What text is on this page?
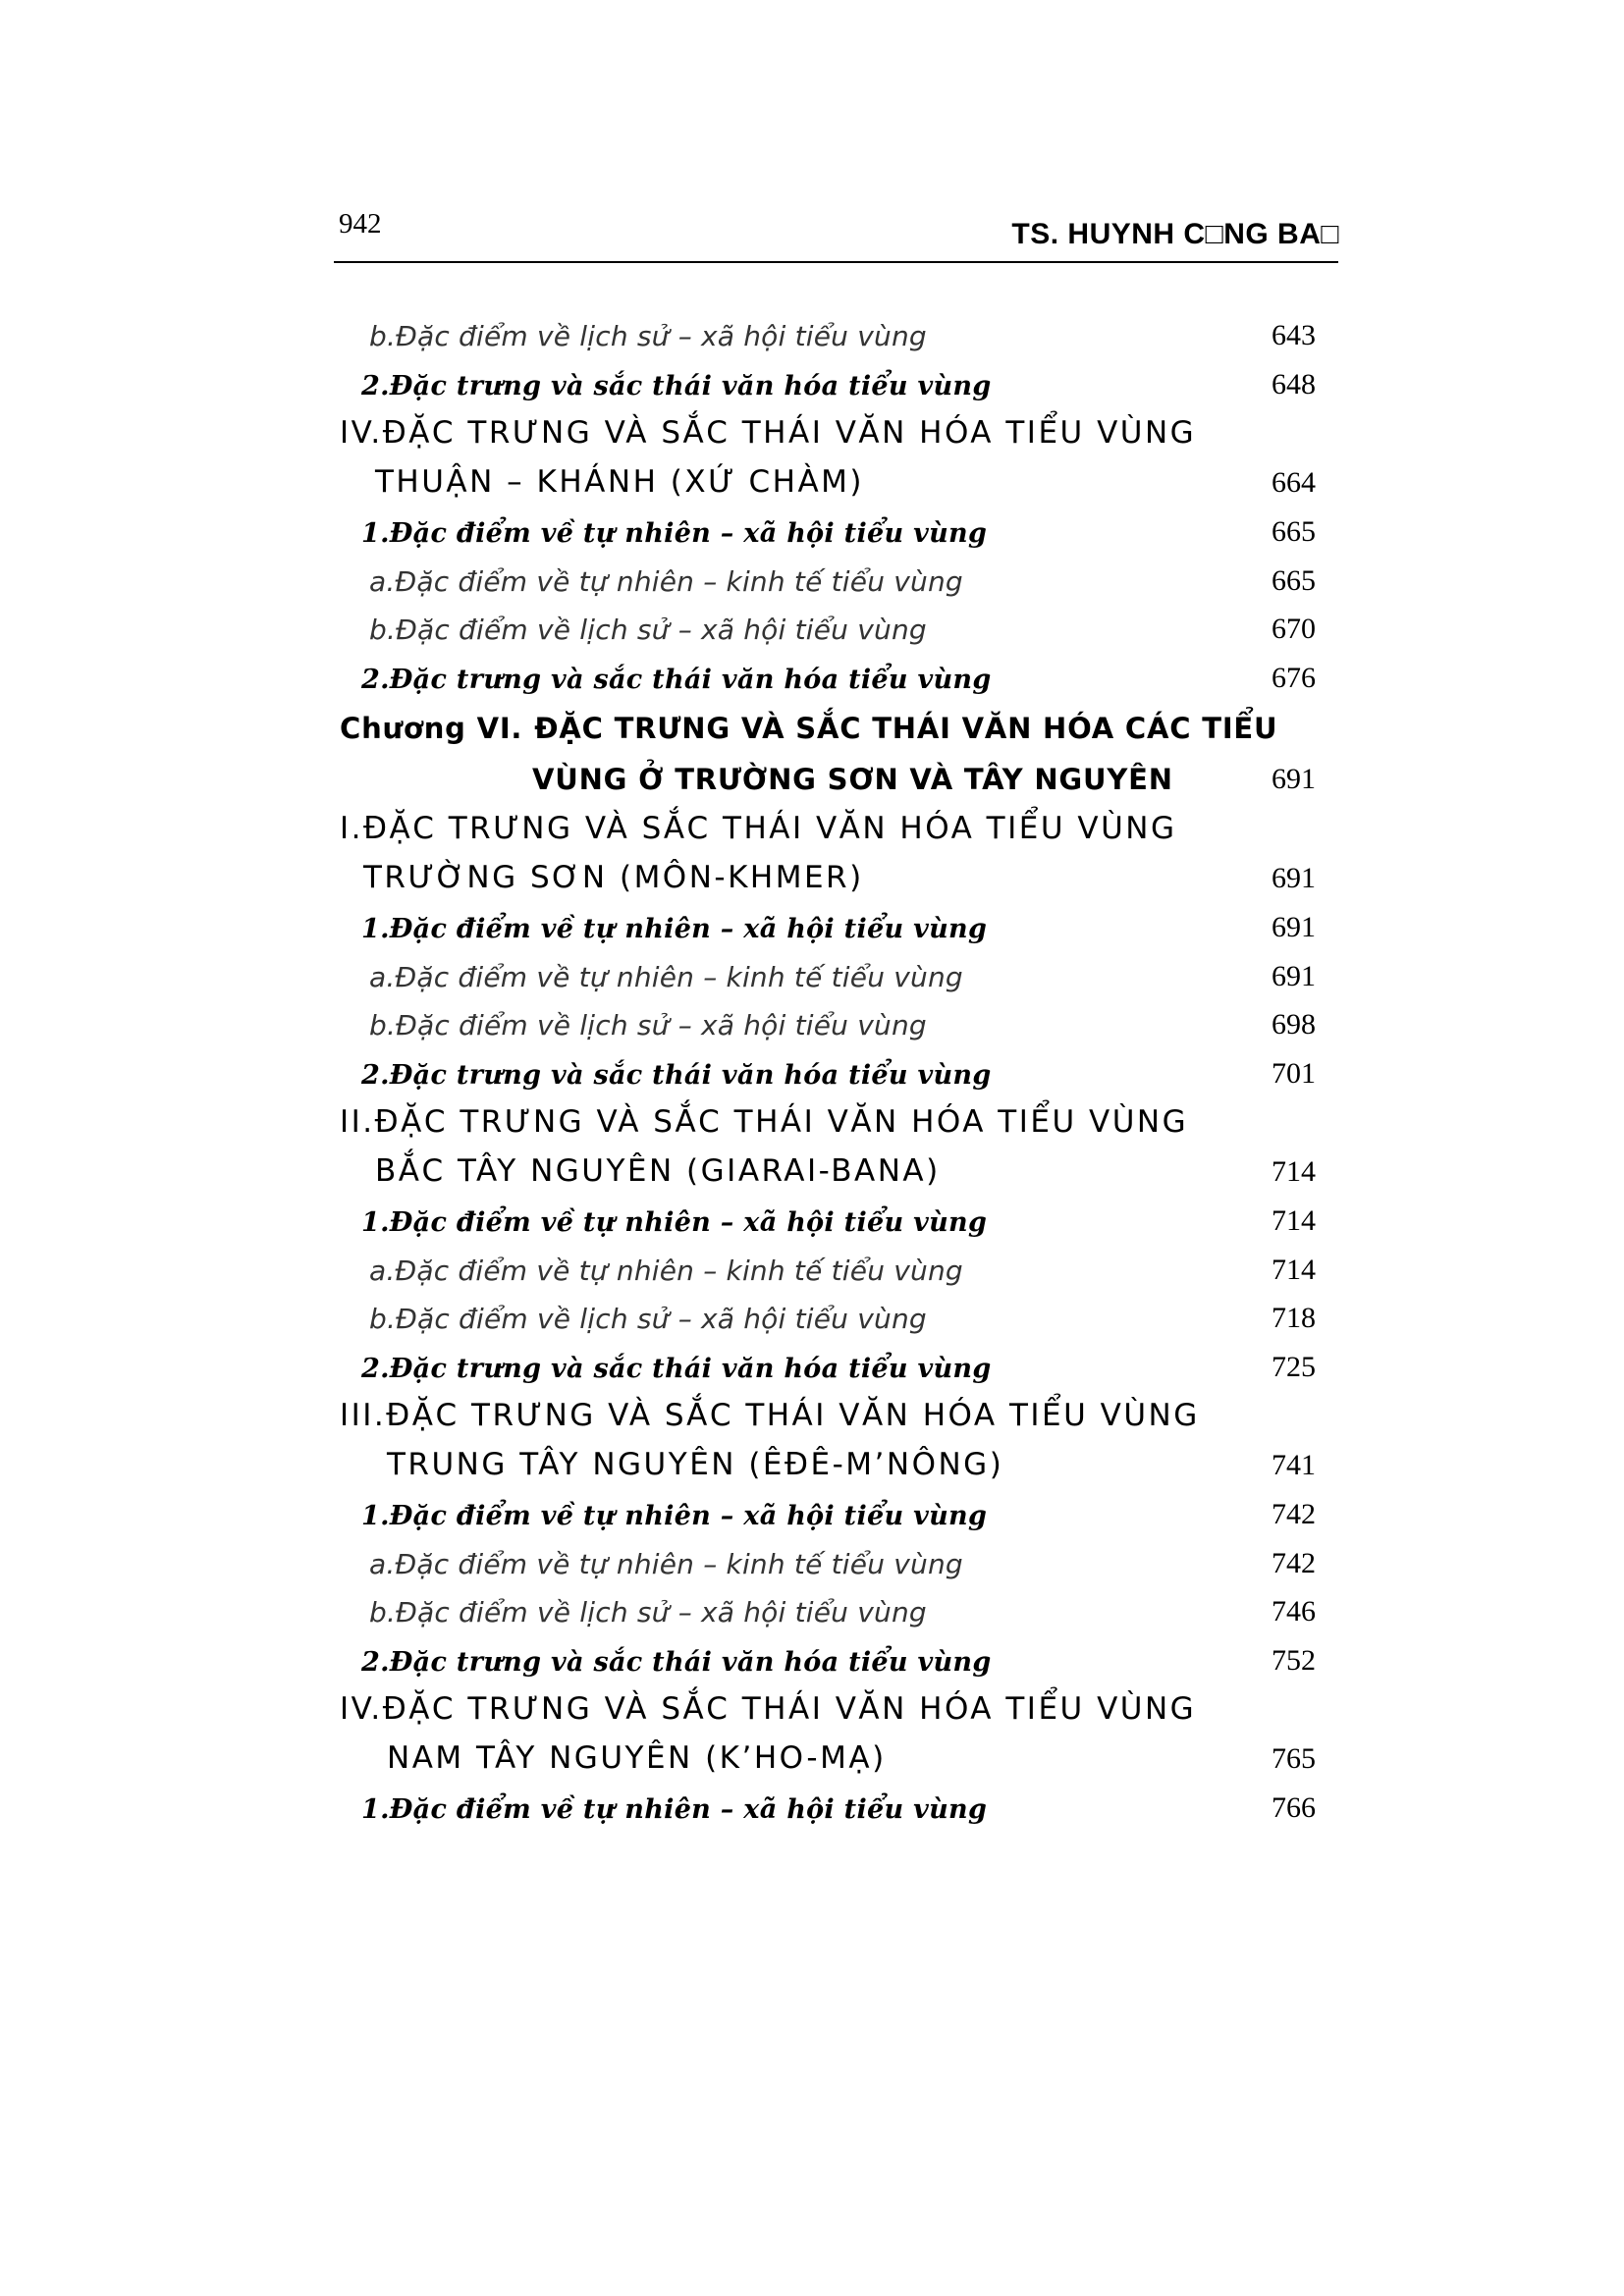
942	TS. HUYNH C□NG BA□
b.Đặc điểm về lịch sử – xã hội tiểu vùng	643
2.Đặc trưng và sắc thái văn hóa tiểu vùng	648
IV.ĐẶC TRƯNG VÀ SẮC THÁI VĂN HÓA TIỂU VÙNG
THUẬN – KHÁNH (XỨ CHÀM)	664
1.Đặc điểm về tự nhiên – xã hội tiểu vùng	665
a.Đặc điểm về tự nhiên – kinh tế tiểu vùng	665
b.Đặc điểm về lịch sử – xã hội tiểu vùng	670
2.Đặc trưng và sắc thái văn hóa tiểu vùng	676
Chương VI. ĐẶC TRƯNG VÀ SẮC THÁI VĂN HÓA CÁC TIỂU
VÙNG Ở TRƯỜNG SƠN VÀ TÂY NGUYÊN	691
I.ĐẶC TRƯNG VÀ SẮC THÁI VĂN HÓA TIỂU VÙNG
TRƯỜNG SƠN (MÔN-KHMER)	691
1.Đặc điểm về tự nhiên – xã hội tiểu vùng	691
a.Đặc điểm về tự nhiên – kinh tế tiểu vùng	691
b.Đặc điểm về lịch sử – xã hội tiểu vùng	698
2.Đặc trưng và sắc thái văn hóa tiểu vùng	701
II.ĐẶC TRƯNG VÀ SẮC THÁI VĂN HÓA TIỂU VÙNG
BẮC TÂY NGUYÊN (GIARAI-BANA)	714
1.Đặc điểm về tự nhiên – xã hội tiểu vùng	714
a.Đặc điểm về tự nhiên – kinh tế tiểu vùng	714
b.Đặc điểm về lịch sử – xã hội tiểu vùng	718
2.Đặc trưng và sắc thái văn hóa tiểu vùng	725
III.ĐẶC TRƯNG VÀ SẮC THÁI VĂN HÓA TIỂU VÙNG
TRUNG TÂY NGUYÊN (ÊĐÊ-M’NÔNG)	741
1.Đặc điểm về tự nhiên – xã hội tiểu vùng	742
a.Đặc điểm về tự nhiên – kinh tế tiểu vùng	742
b.Đặc điểm về lịch sử – xã hội tiểu vùng	746
2.Đặc trưng và sắc thái văn hóa tiểu vùng	752
IV.ĐẶC TRƯNG VÀ SẮC THÁI VĂN HÓA TIỂU VÙNG
NAM TÂY NGUYÊN (K’HO-MẠ)	765
1.Đặc điểm về tự nhiên – xã hội tiểu vùng	766
